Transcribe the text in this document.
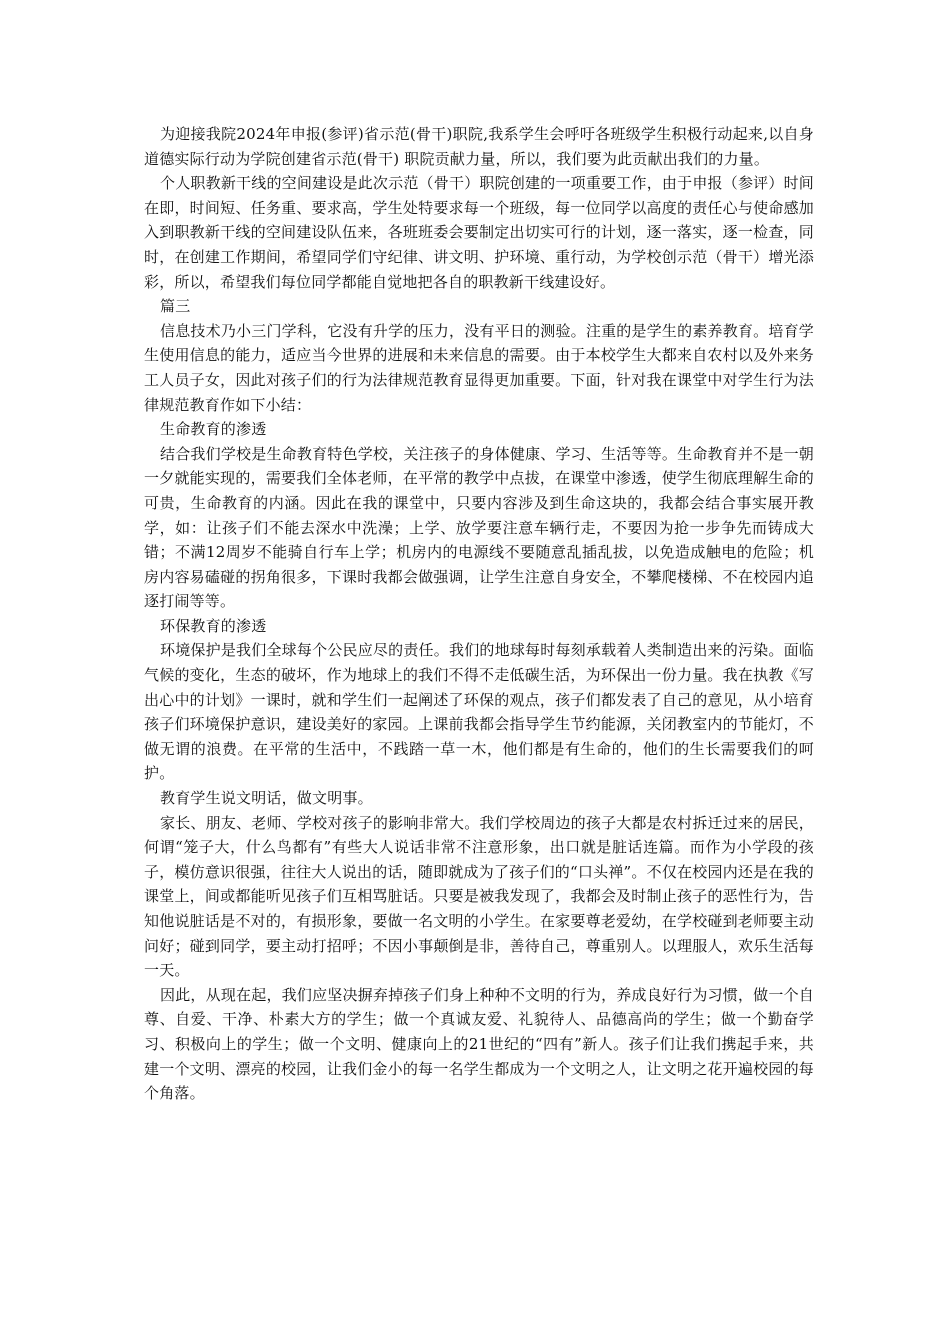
为迎接我院2024年申报(参评)省示范(骨干)职院,我系学生会呼吁各班级学生积极行动起来,以自身道德实际行动为学院创建省示范(骨干) 职院贡献力量，所以，我们要为此贡献出我们的力量。

个人职教新干线的空间建设是此次示范（骨干）职院创建的一项重要工作，由于申报（参评）时间在即，时间短、任务重、要求高，学生处特要求每一个班级，每一位同学以高度的责任心与使命感加入到职教新干线的空间建设队伍来，各班班委会要制定出切实可行的计划，逐一落实，逐一检查，同时，在创建工作期间，希望同学们守纪律、讲文明、护环境、重行动，为学校创示范（骨干）增光添彩，所以，希望我们每位同学都能自觉地把各自的职教新干线建设好。

篇三

信息技术乃小三门学科，它没有升学的压力，没有平日的测验。注重的是学生的素养教育。培育学生使用信息的能力，适应当今世界的进展和未来信息的需要。由于本校学生大都来自农村以及外来务工人员子女，因此对孩子们的行为法律规范教育显得更加重要。下面，针对我在课堂中对学生行为法律规范教育作如下小结：

生命教育的渗透

结合我们学校是生命教育特色学校，关注孩子的身体健康、学习、生活等等。生命教育并不是一朝一夕就能实现的，需要我们全体老师，在平常的教学中点拔，在课堂中渗透，使学生彻底理解生命的可贵，生命教育的内涵。因此在我的课堂中，只要内容涉及到生命这块的，我都会结合事实展开教学，如：让孩子们不能去深水中洗澡；上学、放学要注意车辆行走，不要因为抢一步争先而铸成大错；不满12周岁不能骑自行车上学；机房内的电源线不要随意乱插乱拔，以免造成触电的危险；机房内容易磕碰的拐角很多，下课时我都会做强调，让学生注意自身安全，不攀爬楼梯、不在校园内追逐打闹等等。

环保教育的渗透

环境保护是我们全球每个公民应尽的责任。我们的地球每时每刻承载着人类制造出来的污染。面临气候的变化，生态的破坏，作为地球上的我们不得不走低碳生活，为环保出一份力量。我在执教《写出心中的计划》一课时，就和学生们一起阐述了环保的观点，孩子们都发表了自己的意见，从小培育孩子们环境保护意识，建设美好的家园。上课前我都会指导学生节约能源，关闭教室内的节能灯，不做无谓的浪费。在平常的生活中，不践踏一草一木，他们都是有生命的，他们的生长需要我们的呵护。

教育学生说文明话，做文明事。

家长、朋友、老师、学校对孩子的影响非常大。我们学校周边的孩子大都是农村拆迁过来的居民，何谓“笼子大，什么鸟都有”有些大人说话非常不注意形象，出口就是脏话连篇。而作为小学段的孩子，模仿意识很强，往往大人说出的话，随即就成为了孩子们的“口头禅”。不仅在校园内还是在我的课堂上，间或都能听见孩子们互相骂脏话。只要是被我发现了，我都会及时制止孩子的恶性行为，告知他说脏话是不对的，有损形象，要做一名文明的小学生。在家要尊老爱幼，在学校碰到老师要主动问好；碰到同学，要主动打招呼；不因小事颠倒是非，善待自己，尊重别人。以理服人，欢乐生活每一天。

因此，从现在起，我们应坚决摒弃掉孩子们身上种种不文明的行为，养成良好行为习惯，做一个自尊、自爱、干净、朴素大方的学生；做一个真诚友爱、礼貌待人、品德高尚的学生；做一个勤奋学习、积极向上的学生；做一个文明、健康向上的21世纪的“四有”新人。孩子们让我们携起手来，共建一个文明、漂亮的校园，让我们金小的每一名学生都成为一个文明之人，让文明之花开遍校园的每个角落。
